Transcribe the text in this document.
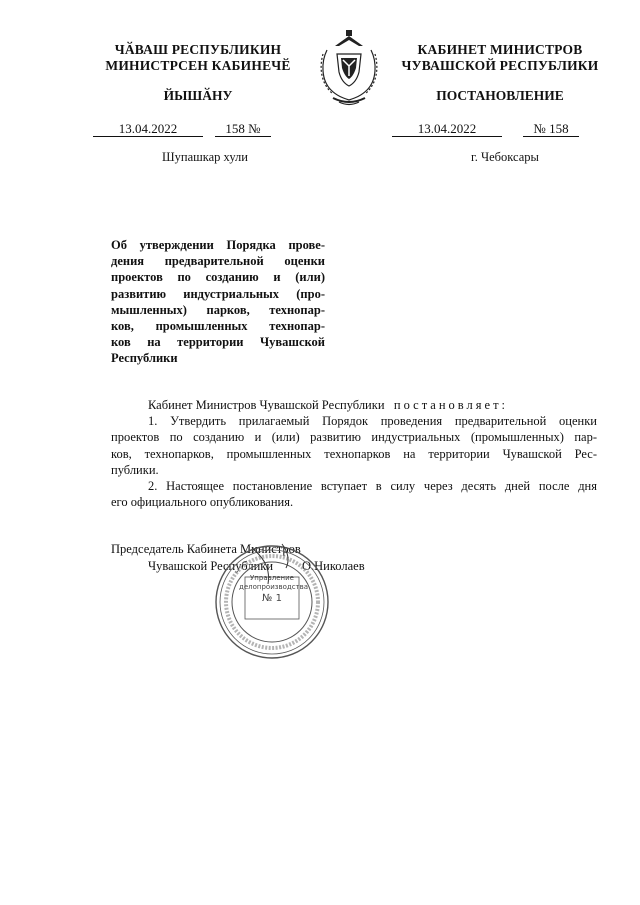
ЧӐВАШ РЕСПУБЛИКИН
МИНИСТРСЕН КАБИНЕЧӖ
ЙЫШӐНУ
КАБИНЕТ МИНИСТРОВ
ЧУВАШСКОЙ РЕСПУБЛИКИ
ПОСТАНОВЛЕНИЕ
13.04.2022	158 №	13.04.2022	№ 158
Шупашкар хули	г. Чебоксары
Об утверждении Порядка прове-
дения предварительной оценки
проектов по созданию и (или)
развитию индустриальных (про-
мышленных) парков, технопар-
ков, промышленных технопар-
ков на территории Чувашской
Республики

Кабинет Министров Чувашской Республики постановляет:

1. Утвердить прилагаемый Порядок проведения предварительной оценки
проектов по созданию и (или) развитию индустриальных (промышленных) пар-
ков, технопарков, промышленных технопарков на территории Чувашской Рес-
публики.

2. Настоящее постановление вступает в силу через десять дней после дня
его официального опубликования.

Председатель Кабинета Министров
Чувашской Республики О.Николаев
Управление
делопроизводства
№ 1
